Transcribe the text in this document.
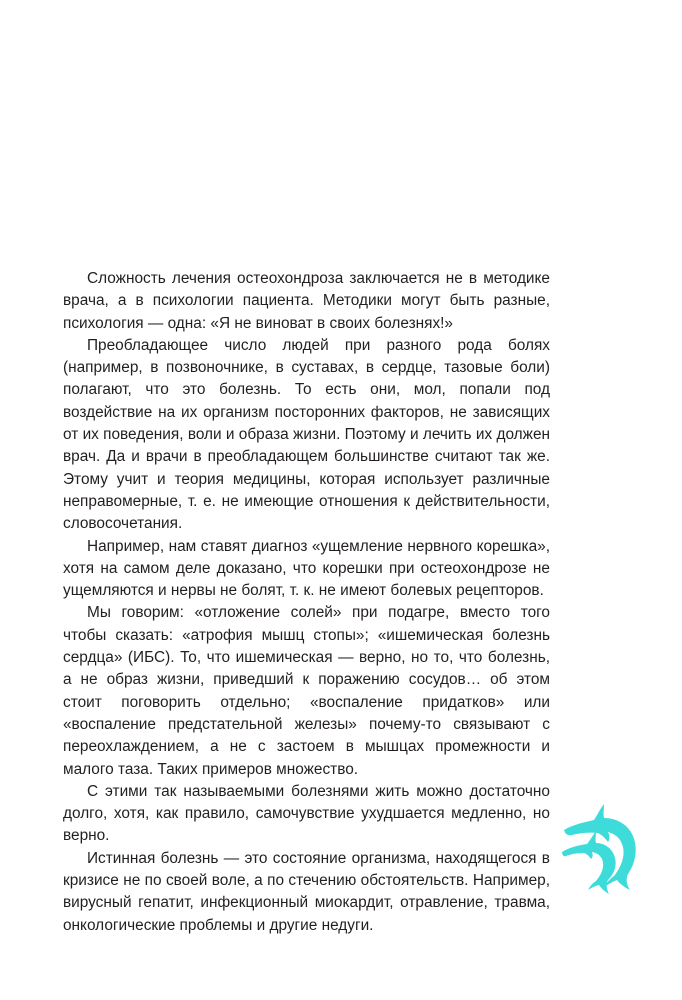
Сложность лечения остеохондроза заключается не в методике врача, а в психологии пациента. Методики могут быть разные, психология — одна: «Я не виноват в своих болезнях!»

Преобладающее число людей при разного рода болях (например, в позвоночнике, в суставах, в сердце, тазовые боли) полагают, что это болезнь. То есть они, мол, попали под воздействие на их организм посторонних факторов, не зависящих от их поведения, воли и образа жизни. Поэтому и лечить их должен врач. Да и врачи в преобладающем большинстве считают так же. Этому учит и теория медицины, которая использует различные неправомерные, т. е. не имеющие отношения к действительности, словосочетания.

Например, нам ставят диагноз «ущемление нервного корешка», хотя на самом деле доказано, что корешки при остеохондрозе не ущемляются и нервы не болят, т. к. не имеют болевых рецепторов.

Мы говорим: «отложение солей» при подагре, вместо того чтобы сказать: «атрофия мышц стопы»; «ишемическая болезнь сердца» (ИБС). То, что ишемическая — верно, но то, что болезнь, а не образ жизни, приведший к поражению сосудов… об этом стоит поговорить отдельно; «воспаление придатков» или «воспаление предстательной железы» почему-то связывают с переохлаждением, а не с застоем в мышцах промежности и малого таза. Таких примеров множество.

С этими так называемыми болезнями жить можно достаточно долго, хотя, как правило, самочувствие ухудшается медленно, но верно.

Истинная болезнь — это состояние организма, находящегося в кризисе не по своей воле, а по стечению обстоятельств. Например, вирусный гепатит, инфекционный миокардит, отравление, травма, онкологические проблемы и другие недуги.
